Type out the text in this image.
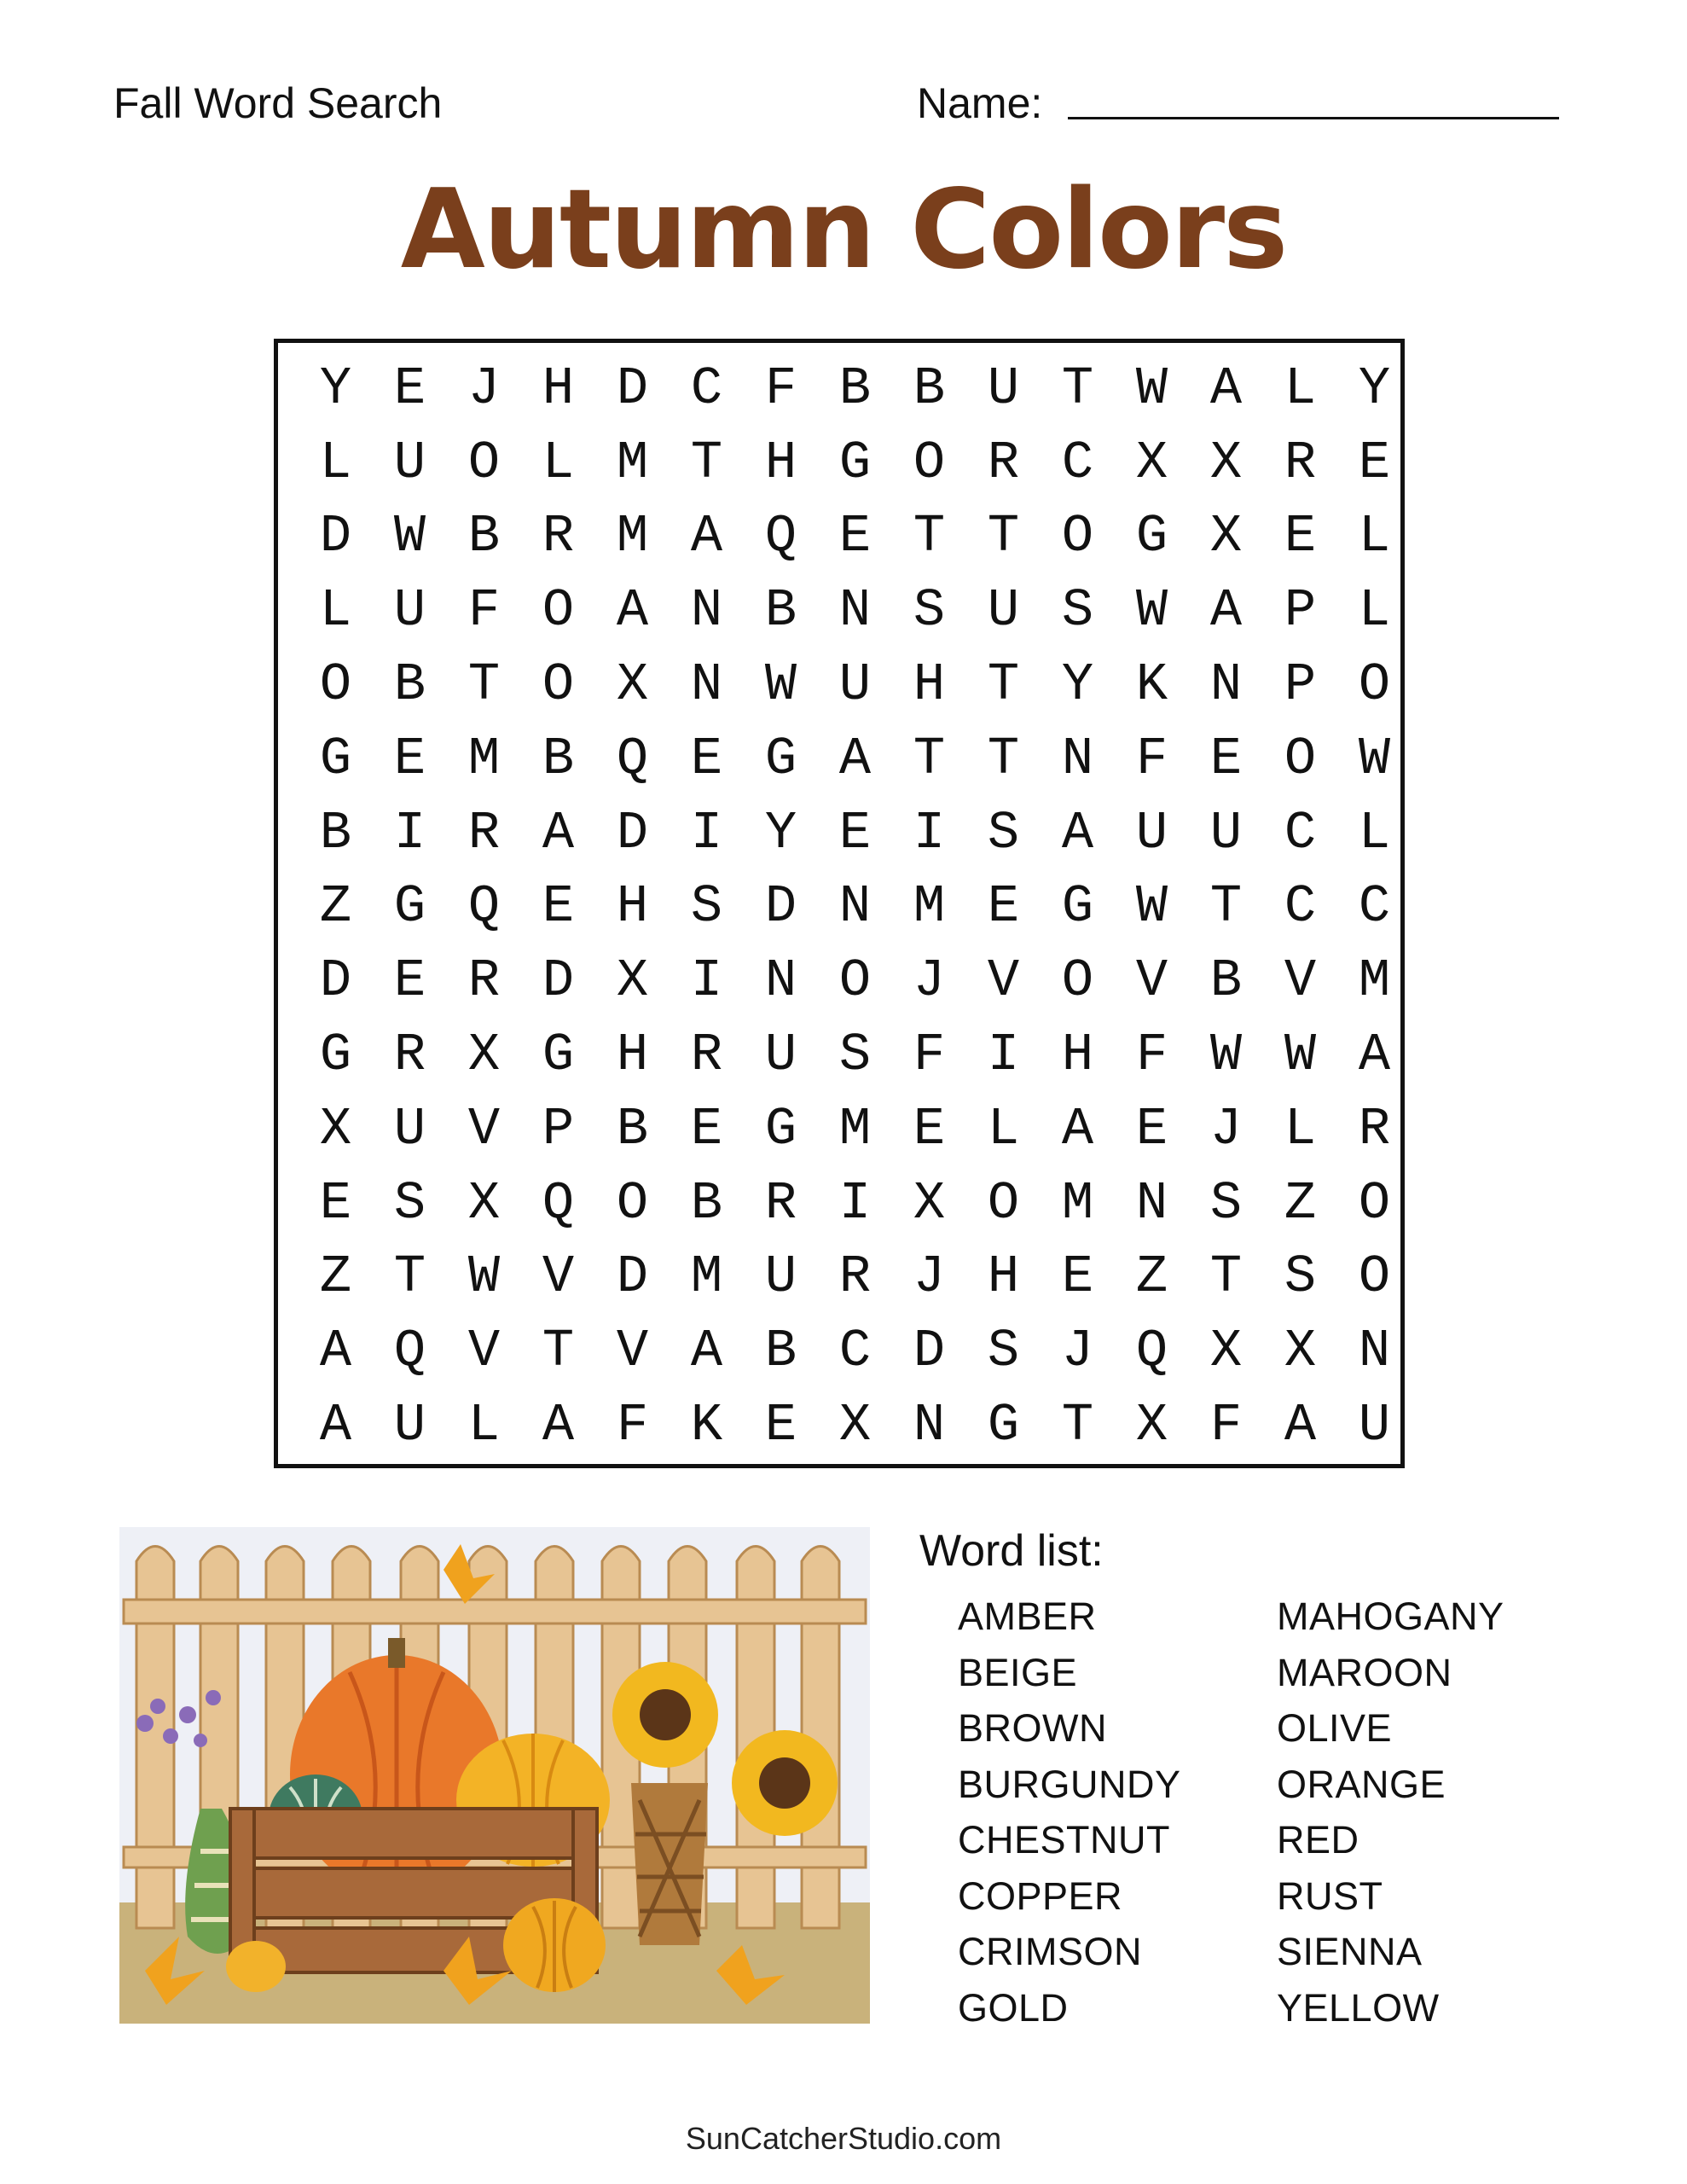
Fall Word Search	Name:
Autumn Colors
Y E J H D C F B B U T W A L Y
L U O L M T H G O R C X X R E
D W B R M A Q E T T O G X E L
L U F O A N B N S U S W A P L
O B T O X N W U H T Y K N P O
G E M B Q E G A T T N F E O W
B I R A D I Y E I S A U U C L
Z G Q E H S D N M E G W T C C
D E R D X I N O J V O V B V M
G R X G H R U S F I H F W W A
X U V P B E G M E L A E J L R
E S X Q O B R I X O M N S Z O
Z T W V D M U R J H E Z T S O
A Q V T V A B C D S J Q X X N
A U L A F K E X N G T X F A U
Word list:
AMBER
BEIGE
BROWN
BURGUNDY
CHESTNUT
COPPER
CRIMSON
GOLD
MAHOGANY
MAROON
OLIVE
ORANGE
RED
RUST
SIENNA
YELLOW
SunCatcherStudio.com
